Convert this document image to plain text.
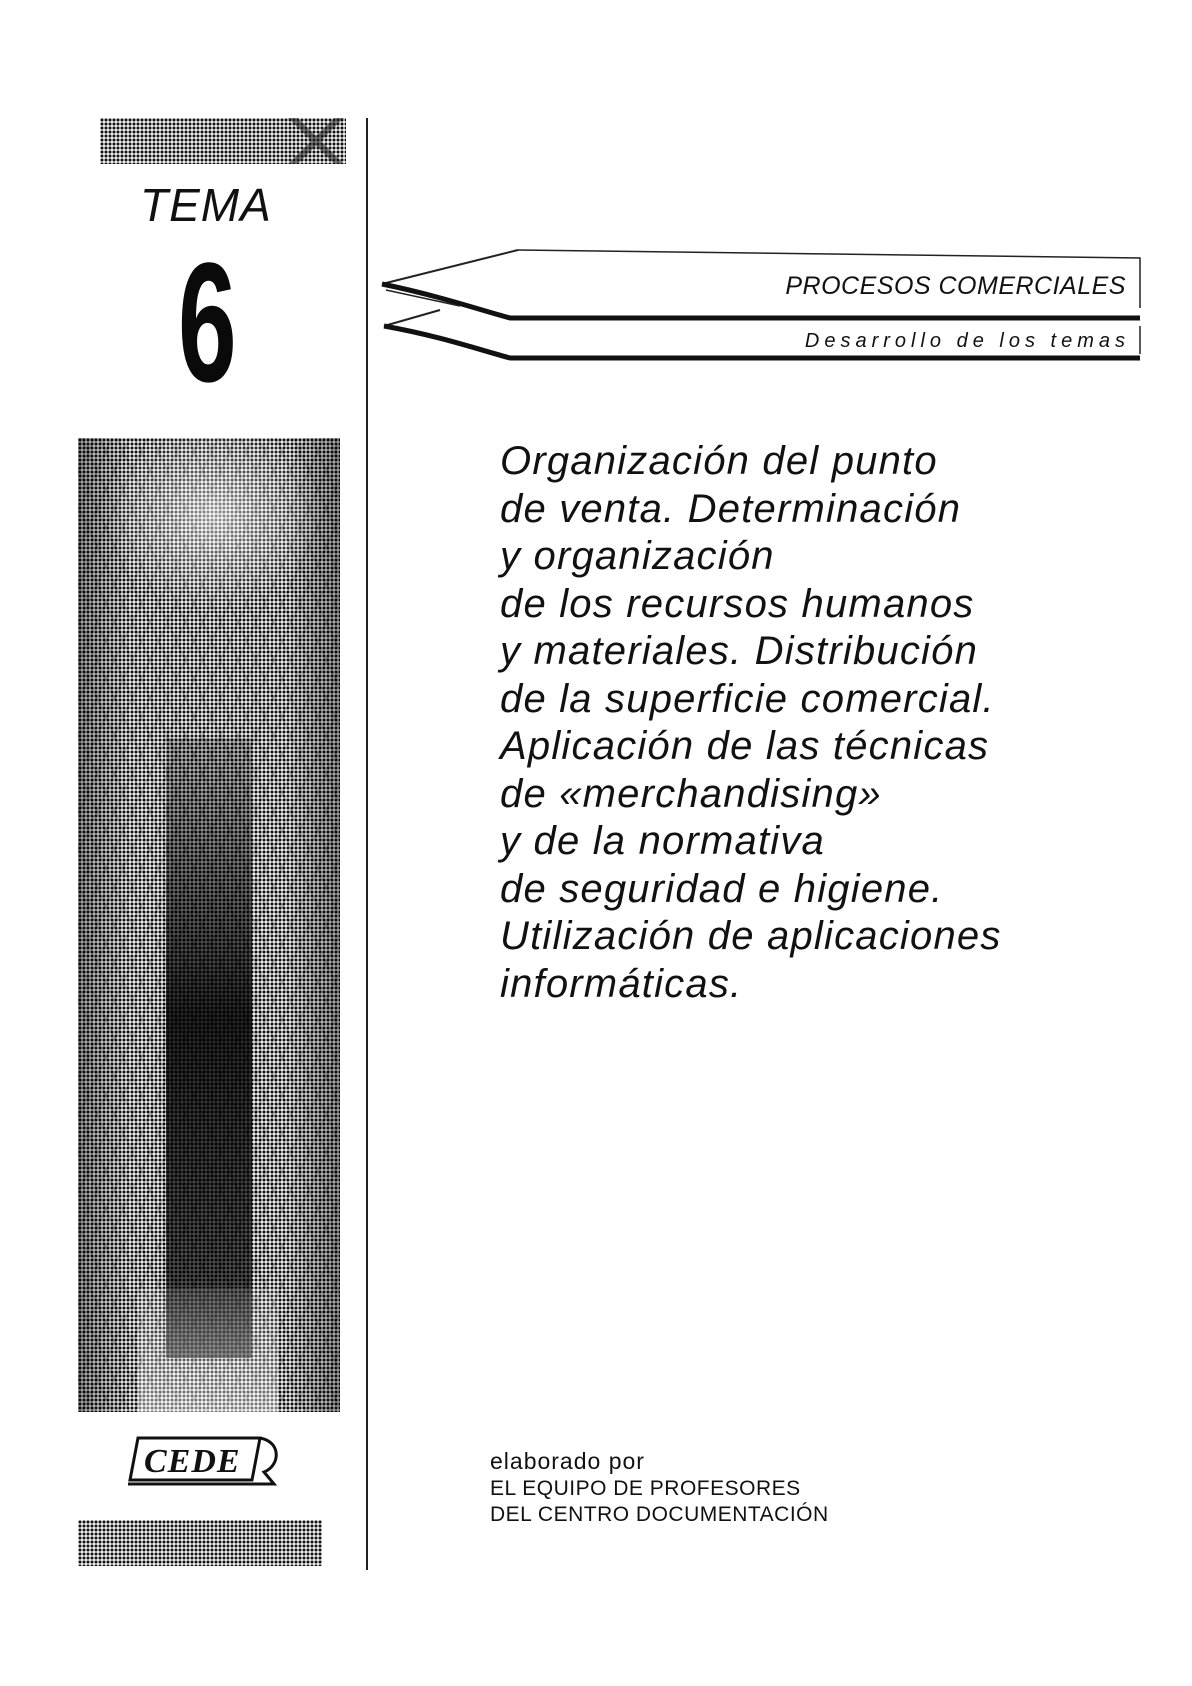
TEMA
6
CEDE
PROCESOS COMERCIALES
Desarrollo de los temas
Organización del punto
de venta. Determinación
y organización
de los recursos humanos
y materiales. Distribución
de la superficie comercial.
Aplicación de las técnicas
de «merchandising»
y de la normativa
de seguridad e higiene.
Utilización de aplicaciones
informáticas.
elaborado por
EL EQUIPO DE PROFESORES
DEL CENTRO DOCUMENTACIÓN
